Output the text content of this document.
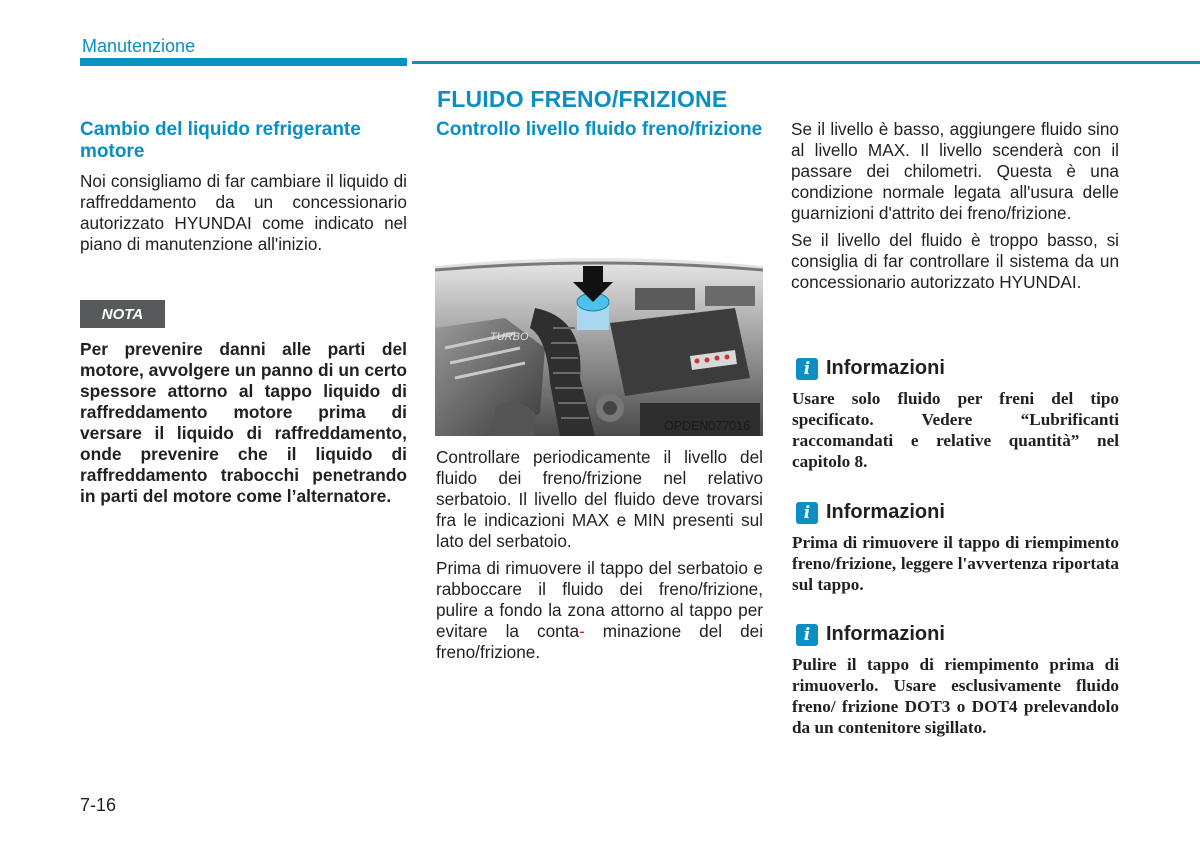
Manutenzione
FLUIDO FRENO/FRIZIONE
Cambio del liquido refrigerante motore
Noi consigliamo di far cambiare il liquido di raffreddamento da un concessionario autorizzato HYUNDAI come indicato nel piano di manutenzione all'inizio.
NOTA
Per prevenire danni alle parti del motore, avvolgere un panno di un certo spessore attorno al tappo liquido di raffreddamento motore prima di versare il liquido di raffreddamento, onde prevenire che il liquido di raffreddamento trabocchi penetrando in parti del motore come l’alternatore.
Controllo livello fluido freno/frizione
TURBO
OPDEN077016

Controllare periodicamente il livello del fluido dei freno/frizione nel relativo serbatoio. Il livello del fluido deve trovarsi fra le indicazioni MAX e MIN presenti sul lato del serbatoio.

Prima di rimuovere il tappo del serbatoio e rabboccare il fluido dei freno/frizione, pulire a fondo la zona attorno al tappo per evitare la conta- minazione del dei freno/frizione.

Se il livello è basso, aggiungere fluido sino al livello MAX. Il livello scenderà con il passare dei chilometri. Questa è una condizione normale legata all'usura delle guarnizioni d'attrito dei freno/frizione.

Se il livello del fluido è troppo basso, si consiglia di far controllare il sistema da un concessionario autorizzato HYUNDAI.

i Informazioni
Usare solo fluido per freni del tipo specificato. Vedere “Lubrificanti raccomandati e relative quantità” nel capitolo 8.
i Informazioni
Prima di rimuovere il tappo di riempimento freno/frizione, leggere l'avvertenza riportata sul tappo.
i Informazioni
Pulire il tappo di riempimento prima di rimuoverlo. Usare esclusivamente fluido freno/ frizione DOT3 o DOT4 prelevandolo da un contenitore sigillato.
7-16
